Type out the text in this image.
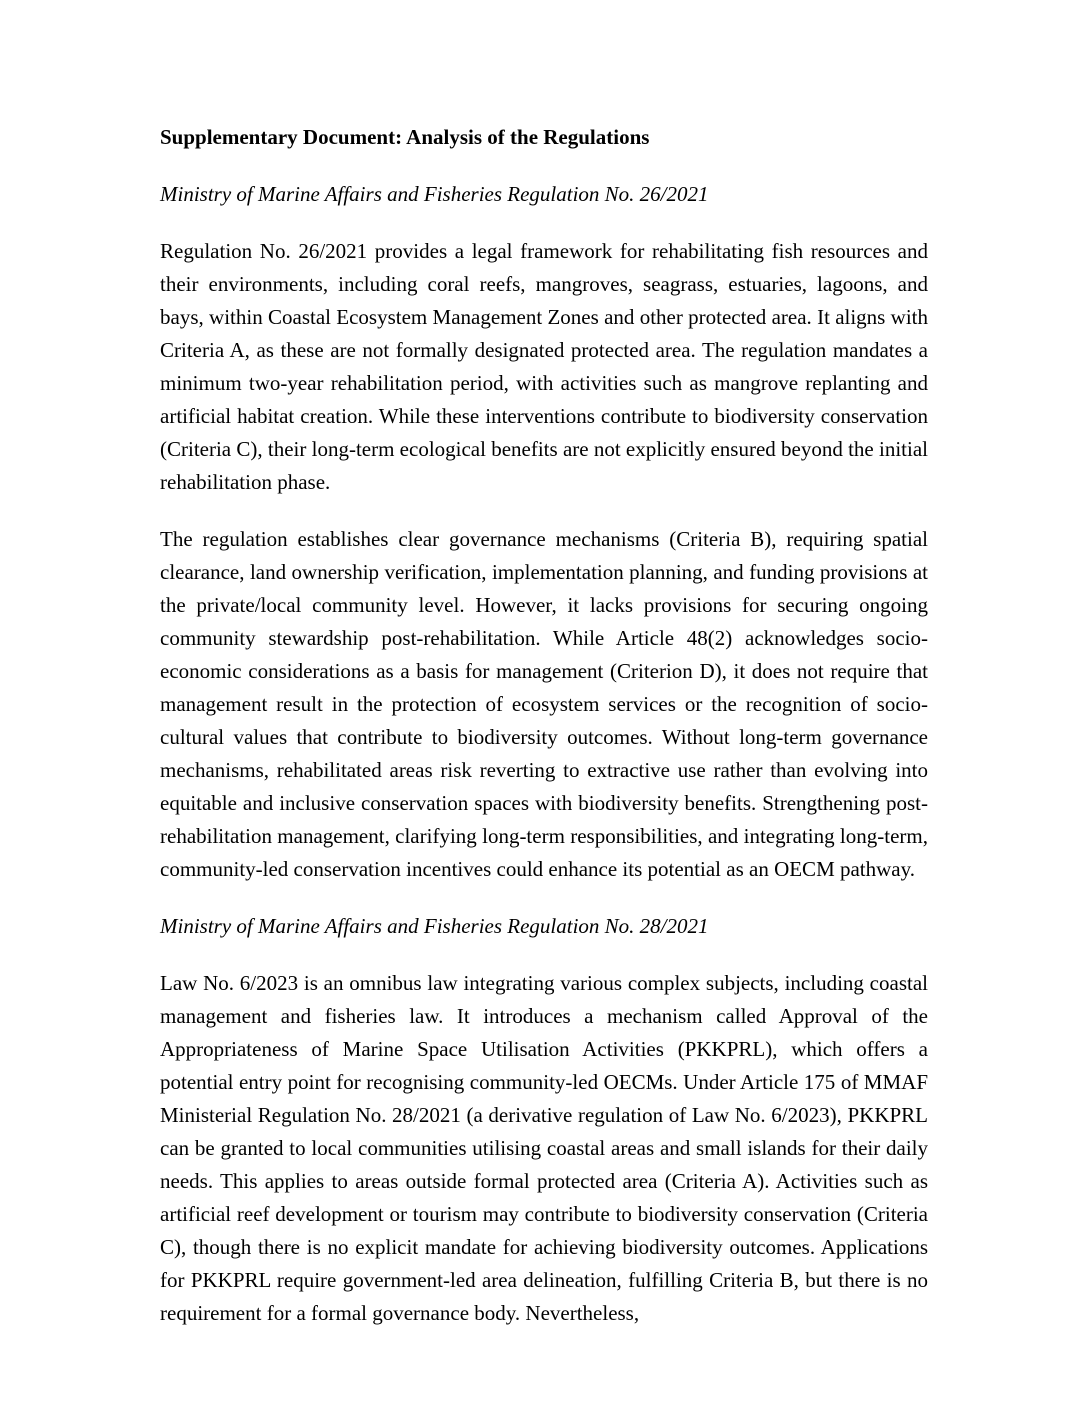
Supplementary Document: Analysis of the Regulations
Ministry of Marine Affairs and Fisheries Regulation No. 26/2021

Regulation No. 26/2021 provides a legal framework for rehabilitating fish resources and their environments, including coral reefs, mangroves, seagrass, estuaries, lagoons, and bays, within Coastal Ecosystem Management Zones and other protected area. It aligns with Criteria A, as these are not formally designated protected area. The regulation mandates a minimum two-year rehabilitation period, with activities such as mangrove replanting and artificial habitat creation. While these interventions contribute to biodiversity conservation (Criteria C), their long-term ecological benefits are not explicitly ensured beyond the initial rehabilitation phase.

The regulation establishes clear governance mechanisms (Criteria B), requiring spatial clearance, land ownership verification, implementation planning, and funding provisions at the private/local community level. However, it lacks provisions for securing ongoing community stewardship post-rehabilitation. While Article 48(2) acknowledges socio-economic considerations as a basis for management (Criterion D), it does not require that management result in the protection of ecosystem services or the recognition of socio-cultural values that contribute to biodiversity outcomes. Without long-term governance mechanisms, rehabilitated areas risk reverting to extractive use rather than evolving into equitable and inclusive conservation spaces with biodiversity benefits. Strengthening post-rehabilitation management, clarifying long-term responsibilities, and integrating long-term, community-led conservation incentives could enhance its potential as an OECM pathway.

Ministry of Marine Affairs and Fisheries Regulation No. 28/2021

Law No. 6/2023 is an omnibus law integrating various complex subjects, including coastal management and fisheries law. It introduces a mechanism called Approval of the Appropriateness of Marine Space Utilisation Activities (PKKPRL), which offers a potential entry point for recognising community-led OECMs. Under Article 175 of MMAF Ministerial Regulation No. 28/2021 (a derivative regulation of Law No. 6/2023), PKKPRL can be granted to local communities utilising coastal areas and small islands for their daily needs. This applies to areas outside formal protected area (Criteria A). Activities such as artificial reef development or tourism may contribute to biodiversity conservation (Criteria C), though there is no explicit mandate for achieving biodiversity outcomes. Applications for PKKPRL require government-led area delineation, fulfilling Criteria B, but there is no requirement for a formal governance body. Nevertheless,
